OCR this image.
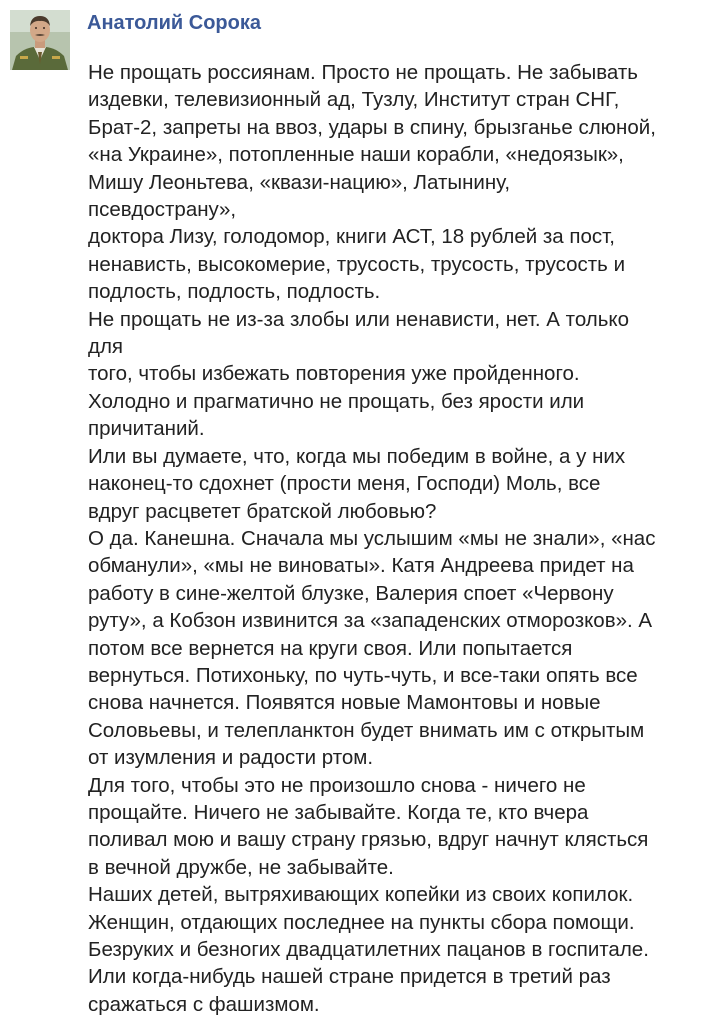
Анатолий Сорока
Не прощать россиянам. Просто не прощать. Не забывать
издевки, телевизионный ад, Тузлу, Институт стран СНГ,
Брат-2, запреты на ввоз, удары в спину, брызганье слюной,
«на Украине», потопленные наши корабли, «недоязык»,
Мишу Леоньтева, «квази-нацию», Латынину,
псевдострану»,
доктора Лизу, голодомор, книги АСТ, 18 рублей за пост,
ненависть, высокомерие, трусость, трусость, трусость и
подлость, подлость, подлость.
Не прощать не из-за злобы или ненависти, нет. А только
для
того, чтобы избежать повторения уже пройденного.
Холодно и прагматично не прощать, без ярости или
причитаний.
Или вы думаете, что, когда мы победим в войне, а у них
наконец-то сдохнет (прости меня, Господи) Моль, все
вдруг расцветет братской любовью?
О да. Канешна. Сначала мы услышим «мы не знали», «нас
обманули», «мы не виноваты». Катя Андреева придет на
работу в сине-желтой блузке, Валерия споет «Червону
руту», а Кобзон извинится за «западенских отморозков». А
потом все вернется на круги своя. Или попытается
вернуться. Потихоньку, по чуть-чуть, и все-таки опять все
снова начнется. Появятся новые Мамонтовы и новые
Соловьевы, и телепланктон будет внимать им с открытым
от изумления и радости ртом.
Для того, чтобы это не произошло снова - ничего не
прощайте. Ничего не забывайте. Когда те, кто вчера
поливал мою и вашу страну грязью, вдруг начнут клясться
в вечной дружбе, не забывайте.
Наших детей, вытряхивающих копейки из своих копилок.
Женщин, отдающих последнее на пункты сбора помощи.
Безруких и безногих двадцатилетних пацанов в госпитале.
Или когда-нибудь нашей стране придется в третий раз
сражаться с фашизмом.
